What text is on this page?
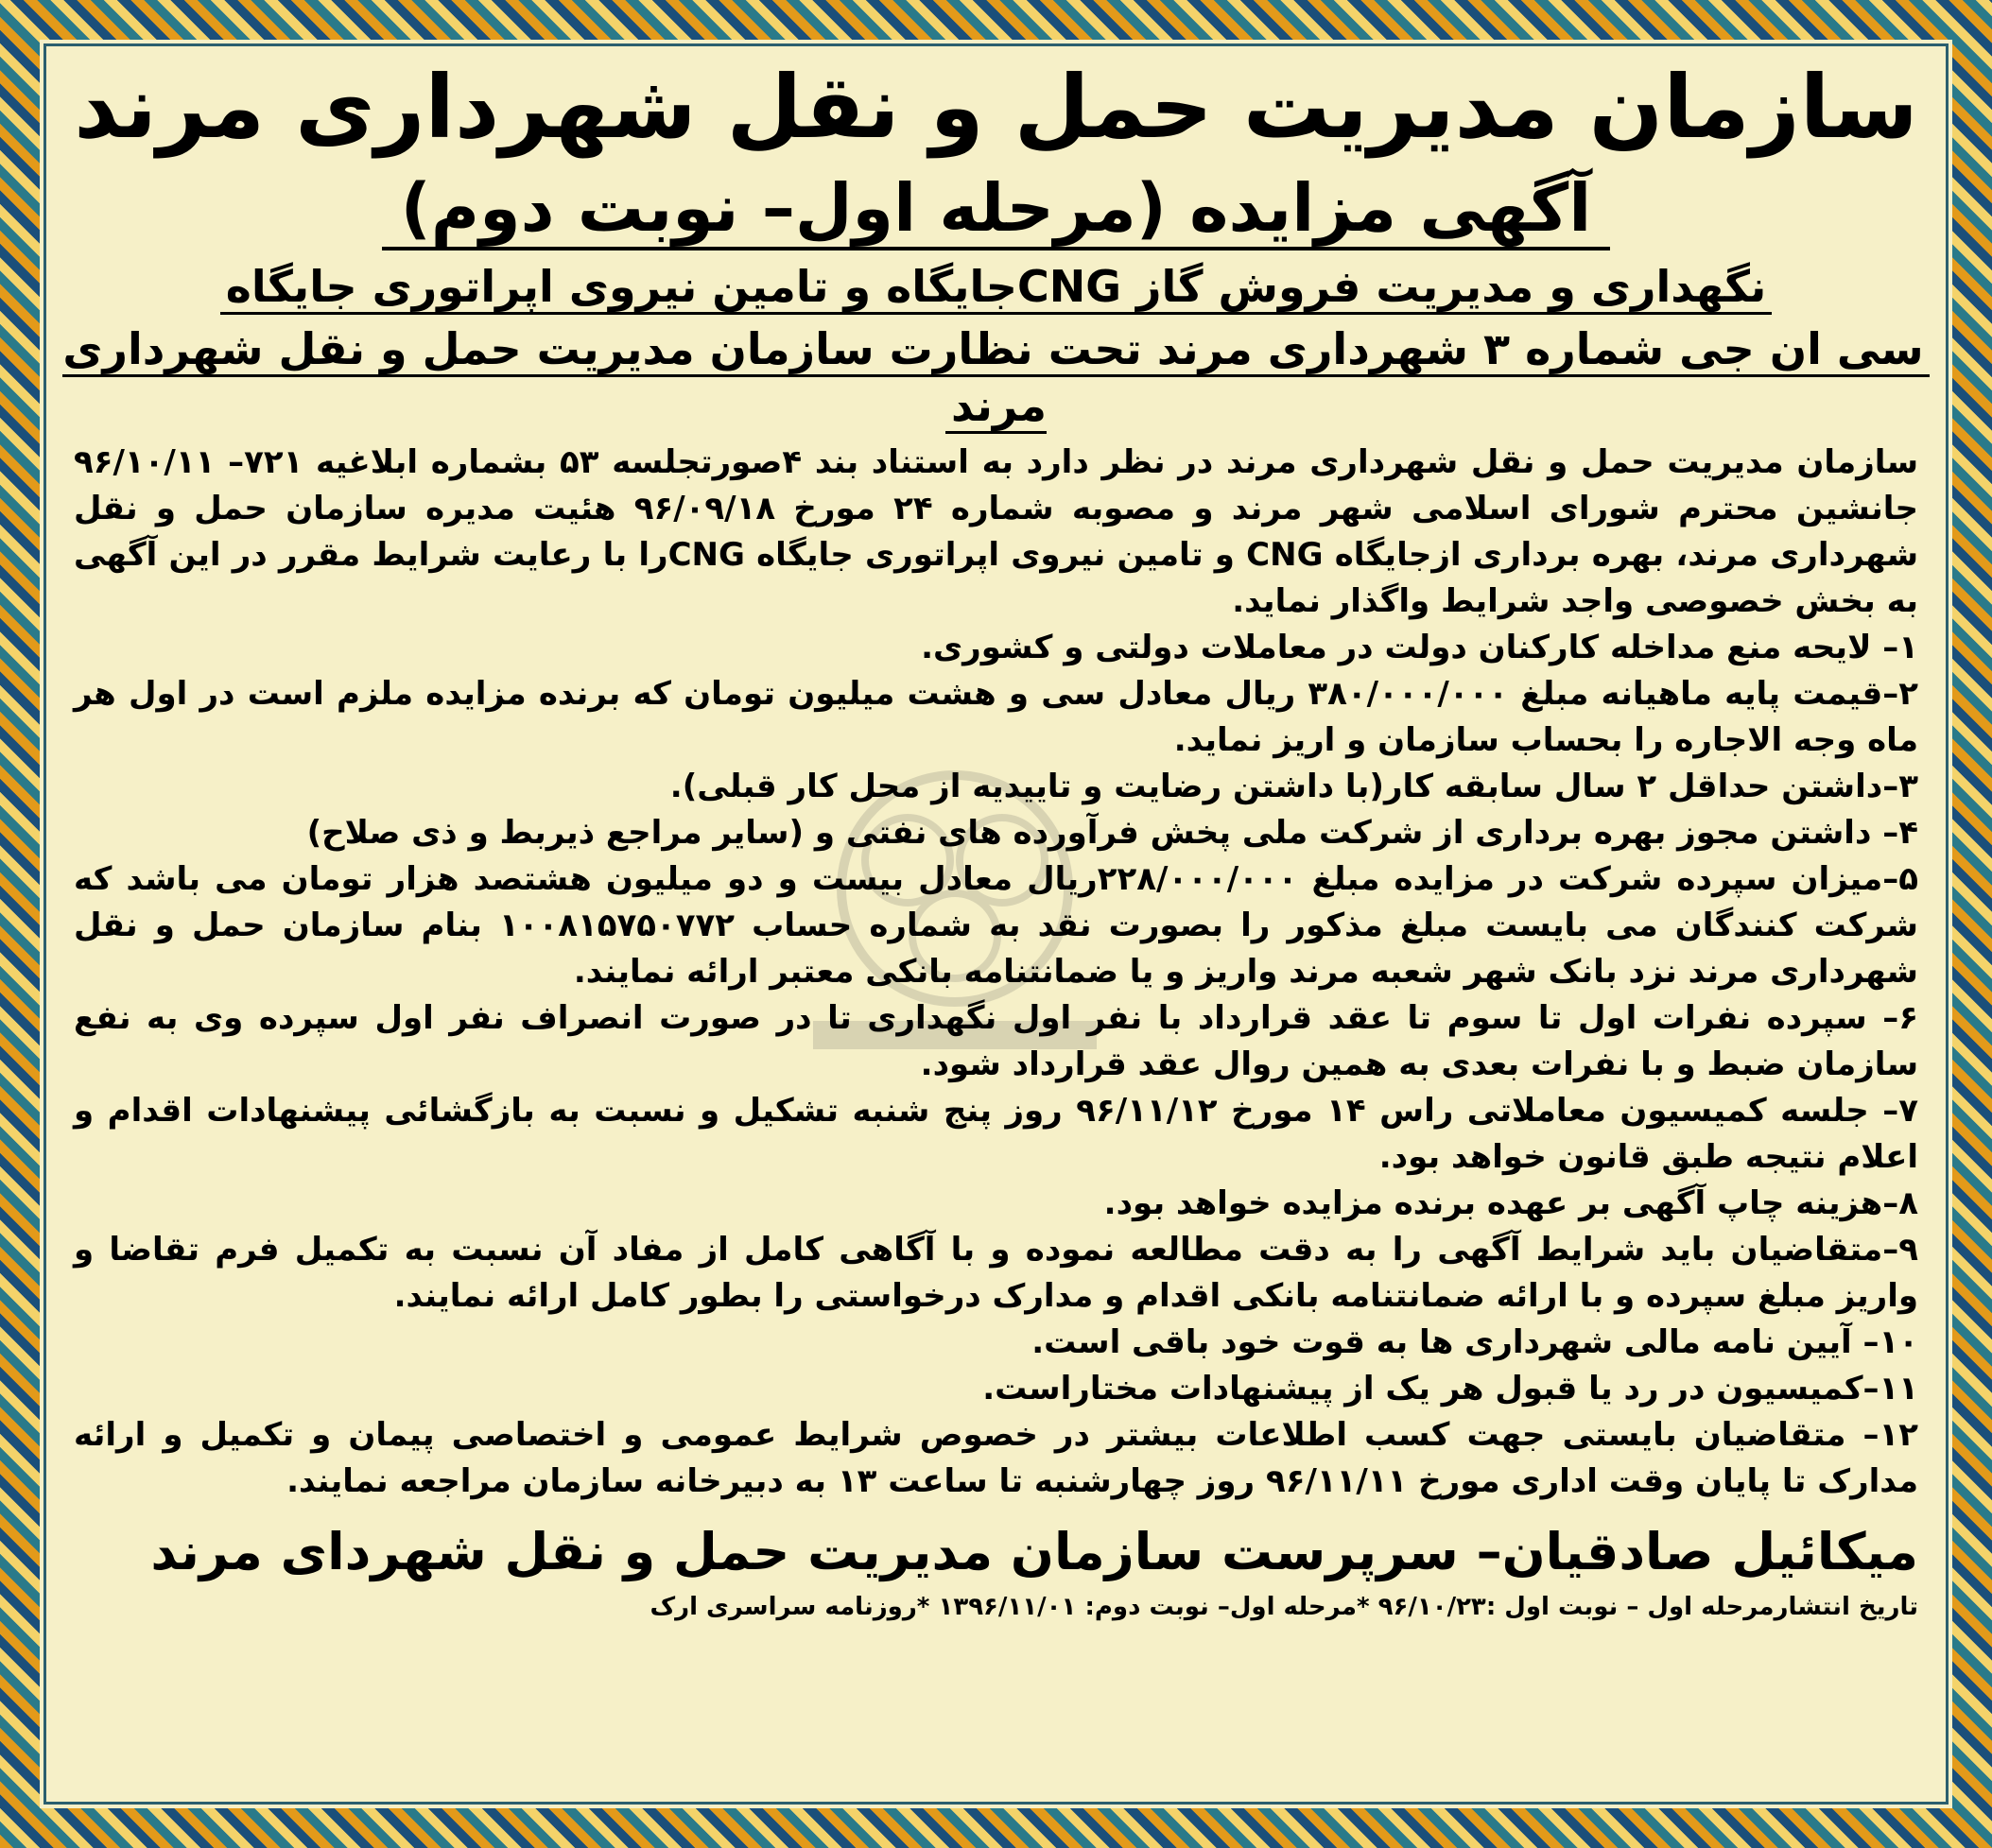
سازمان مدیریت حمل و نقل شهرداری مرند
آگهی مزایده (مرحله اول– نوبت دوم)
نگهداری و مدیریت فروش گاز CNGجایگاه و تامین نیروی اپراتوری جایگاه
سی ان جی شماره ۳ شهرداری مرند تحت نظارت سازمان مدیریت حمل و نقل شهرداری مرند

سازمان مدیریت حمل و نقل شهرداری مرند در نظر دارد به استناد بند ۴صورتجلسه ۵۳ بشماره ابلاغیه ۷۲۱– ۹۶/۱۰/۱۱ جانشین محترم شورای اسلامی شهر مرند و مصوبه شماره ۲۴ مورخ ۹۶/۰۹/۱۸ هئیت مدیره سازمان حمل و نقل شهرداری مرند، بهره برداری ازجایگاه CNG و تامین نیروی اپراتوری جایگاه CNGرا با رعایت شرایط مقرر در این آگهی به بخش خصوصی واجد شرایط واگذار نماید.

۱– لایحه منع مداخله کارکنان دولت در معاملات دولتی و کشوری.

۲–قیمت پایه ماهیانه مبلغ ۳۸۰/۰۰۰/۰۰۰ ریال معادل سی و هشت میلیون تومان که برنده مزایده ملزم است در اول هر ماه وجه الاجاره را بحساب سازمان و اریز نماید.

۳–داشتن حداقل ۲ سال سابقه کار(با داشتن رضایت و تاییدیه از محل کار قبلی).

۴– داشتن مجوز بهره برداری از شرکت ملی پخش فرآورده های نفتی و (سایر مراجع ذیربط و ذی صلاح)

۵–میزان سپرده شرکت در مزایده مبلغ ۲۲۸/۰۰۰/۰۰۰ریال معادل بیست و دو میلیون هشتصد هزار تومان می باشد که شرکت کنندگان می بایست مبلغ مذکور را بصورت نقد به شماره حساب ۱۰۰۸۱۵۷۵۰۷۷۲ بنام سازمان حمل و نقل شهرداری مرند نزد بانک شهر شعبه مرند واریز و یا ضمانتنامه بانکی معتبر ارائه نمایند.

۶– سپرده نفرات اول تا سوم تا عقد قرارداد با نفر اول نگهداری تا در صورت انصراف نفر اول سپرده وی به نفع سازمان ضبط و با نفرات بعدی به همین روال عقد قرارداد شود.

۷– جلسه کمیسیون معاملاتی راس ۱۴ مورخ ۹۶/۱۱/۱۲ روز پنج شنبه تشکیل و نسبت به بازگشائی پیشنهادات اقدام و اعلام نتیجه طبق قانون خواهد بود.

۸–هزینه چاپ آگهی بر عهده برنده مزایده خواهد بود.

۹–متقاضیان باید شرایط آگهی را به دقت مطالعه نموده و با آگاهی کامل از مفاد آن نسبت به تکمیل فرم تقاضا و واریز مبلغ سپرده و با ارائه ضمانتنامه بانکی اقدام و مدارک درخواستی را بطور کامل ارائه نمایند.

۱۰– آیین نامه مالی شهرداری ها به قوت خود باقی است.

۱۱–کمیسیون در رد یا قبول هر یک از پیشنهادات مختاراست.

۱۲– متقاضیان بایستی جهت کسب اطلاعات بیشتر در خصوص شرایط عمومی و اختصاصی پیمان و تکمیل و ارائه مدارک تا پایان وقت اداری مورخ ۹۶/۱۱/۱۱ روز چهارشنبه تا ساعت ۱۳ به دبیرخانه سازمان مراجعه نمایند.

میکائیل صادقیان– سرپرست سازمان مدیریت حمل و نقل شهردای مرند
تاریخ انتشارمرحله اول – نوبت اول :۹۶/۱۰/۲۳ *مرحله اول– نوبت دوم: ۱۳۹۶/۱۱/۰۱ *روزنامه سراسری ارک
